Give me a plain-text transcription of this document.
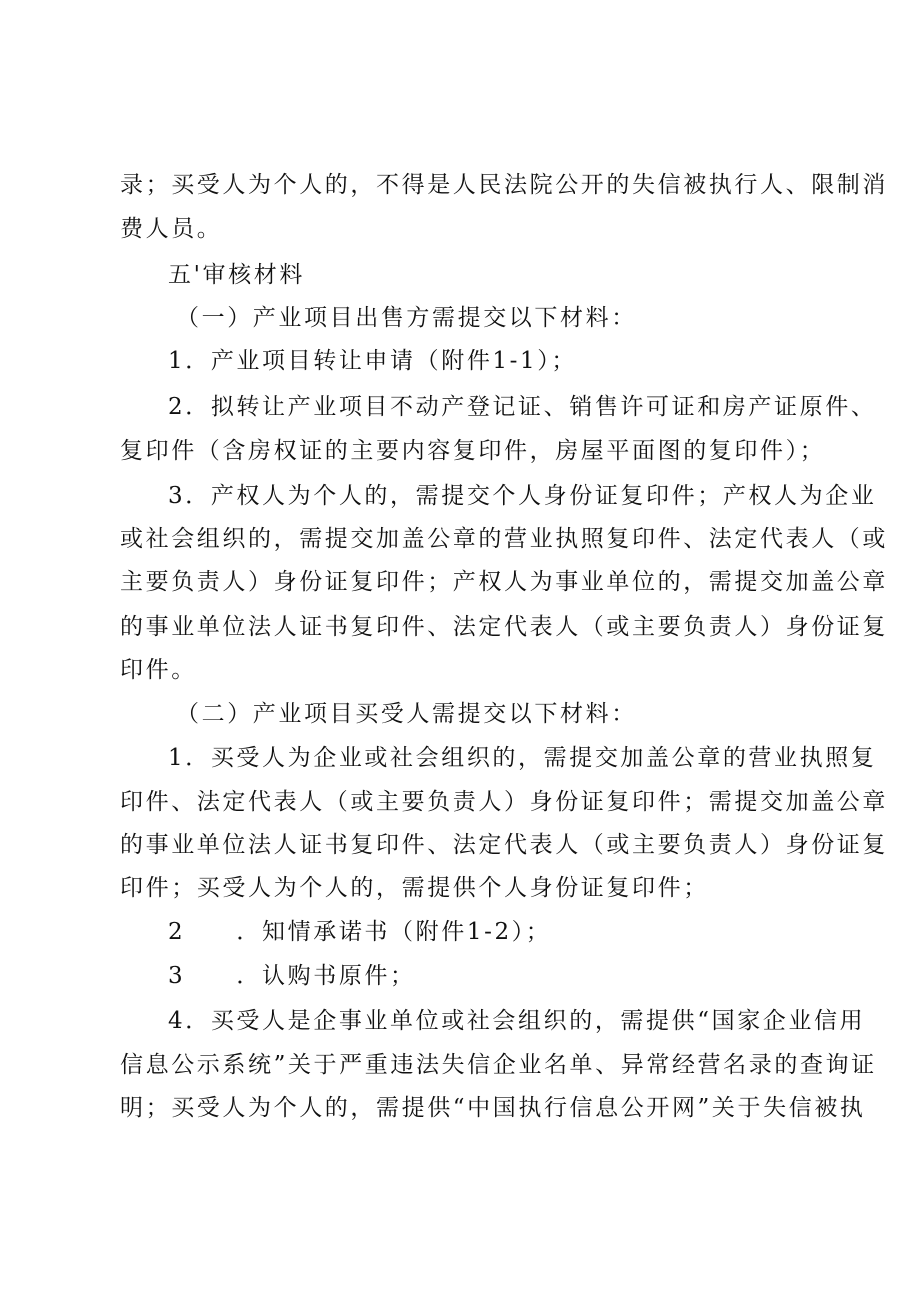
录；买受人为个人的，不得是人民法院公开的失信被执行人、限制消
费人员。
五'审核材料
（一）产业项目出售方需提交以下材料：
1．产业项目转让申请（附件1-1）；
2．拟转让产业项目不动产登记证、销售许可证和房产证原件、
复印件（含房权证的主要内容复印件，房屋平面图的复印件）；
3．产权人为个人的，需提交个人身份证复印件；产权人为企业
或社会组织的，需提交加盖公章的营业执照复印件、法定代表人（或
主要负责人）身份证复印件；产权人为事业单位的，需提交加盖公章
的事业单位法人证书复印件、法定代表人（或主要负责人）身份证复
印件。
（二）产业项目买受人需提交以下材料：
1．买受人为企业或社会组织的，需提交加盖公章的营业执照复
印件、法定代表人（或主要负责人）身份证复印件；需提交加盖公章
的事业单位法人证书复印件、法定代表人（或主要负责人）身份证复
印件；买受人为个人的，需提供个人身份证复印件；
2　　．知情承诺书（附件1-2）；
3　　．认购书原件；
4．买受人是企事业单位或社会组织的，需提供“国家企业信用
信息公示系统”关于严重违法失信企业名单、异常经营名录的查询证
明；买受人为个人的，需提供“中国执行信息公开网”关于失信被执
